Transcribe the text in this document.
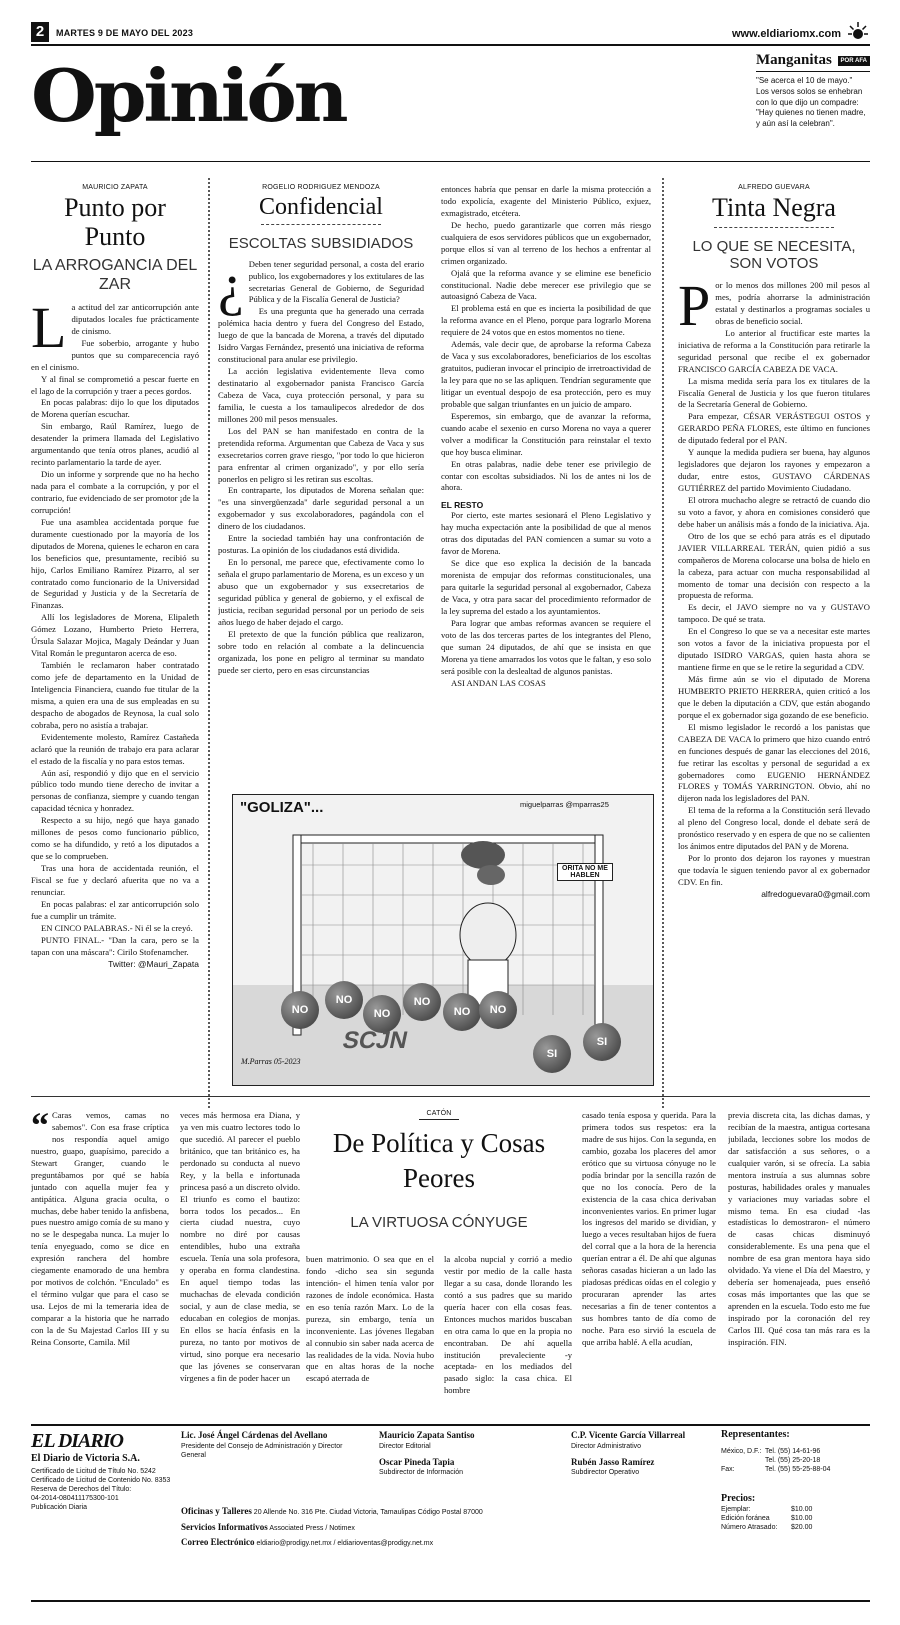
2	MARTES 9 DE MAYO DEL 2023	www.eldiariomx.com
Opinión	Manganitas	POR AFA
"Se acerca el 10 de mayo."
Los versos solos se enhebran
con lo que dijo un compadre:
"Hay quienes no tienen madre,
y aún así la celebran".
MAURICIO ZAPATA
Punto por Punto
LA ARROGANCIA DEL ZAR
L a actitud del zar anticorrupción ante diputados locales fue prácticamente de cinismo.

Fue soberbio, arrogante y hubo puntos que su comparecencia rayó en el cinismo.

Y al final se comprometió a pescar fuerte en el lago de la corrupción y traer a peces gordos.

En pocas palabras: dijo lo que los diputados de Morena querían escuchar.

Sin embargo, Raúl Ramírez, luego de desatender la primera llamada del Legislativo argumentando que tenía otros planes, acudió al recinto parlamentario la tarde de ayer.

Dio un informe y sorprende que no ha hecho nada para el combate a la corrupción, y por el contrario, fue evidenciado de ser promotor ¡de la corrupción!

Fue una asamblea accidentada porque fue duramente cuestionado por la mayoría de los diputados de Morena, quienes le echaron en cara los beneficios que, presuntamente, recibió su hijo, Carlos Emiliano Ramírez Pizarro, al ser contratado como funcionario de la Universidad de Seguridad y Justicia y de la Secretaría de Finanzas.

Allí los legisladores de Morena, Elipaleth Gómez Lozano, Humberto Prieto Herrera, Úrsula Salazar Mojica, Magaly Deándar y Juan Vital Román le preguntaron acerca de eso.

También le reclamaron haber contratado como jefe de departamento en la Unidad de Inteligencia Financiera, cuando fue titular de la misma, a quien era una de sus empleadas en su despacho de abogados de Reynosa, la cual solo cobraba, pero no asistía a trabajar.

Evidentemente molesto, Ramírez Castañeda aclaró que la reunión de trabajo era para aclarar el estado de la fiscalía y no para estos temas.

Aún así, respondió y dijo que en el servicio público todo mundo tiene derecho de invitar a personas de confianza, siempre y cuando tengan capacidad técnica y honradez.

Respecto a su hijo, negó que haya ganado millones de pesos como funcionario público, como se ha difundido, y retó a los diputados a que se lo comprueben.

Tras una hora de accidentada reunión, el Fiscal se fue y declaró afuerita que no va a renunciar.

En pocas palabras: el zar anticorrupción solo fue a cumplir un trámite.

EN CINCO PALABRAS.- Ni él se la creyó.

PUNTO FINAL.- "Dan la cara, pero se la tapan con una máscara": Cirilo Stofenamcher.

Twitter: @Mauri_Zapata
ROGELIO RODRÍGUEZ MENDOZA
Confidencial
ESCOLTAS SUBSIDIADOS
¿ Deben tener seguridad personal, a costa del erario publico, los exgobernadores y los extitulares de las secretarias General de Gobierno, de Seguridad Pública y de la Fiscalía General de Justicia?

Es una pregunta que ha generado una cerrada polémica hacia dentro y fuera del Congreso del Estado, luego de que la bancada de Morena, a través del diputado Isidro Vargas Fernández, presentó una iniciativa de reforma constitucional para anular ese privilegio.

La acción legislativa evidentemente lleva como destinatario al exgobernador panista Francisco García Cabeza de Vaca, cuya protección personal, y para su familia, le cuesta a los tamaulipecos alrededor de dos millones 200 mil pesos mensuales.

Los del PAN se han manifestado en contra de la pretendida reforma. Argumentan que Cabeza de Vaca y sus exsecretarios corren grave riesgo, "por todo lo que hicieron para enfrentar al crimen organizado", y por ello sería ponerlos en peligro si les retiran sus escoltas.

En contraparte, los diputados de Morena señalan que: "es una sinvergüenzada" darle seguridad personal a un exgobernador y sus excolaboradores, pagándola con el dinero de los ciudadanos.

Entre la sociedad también hay una confrontación de posturas. La opinión de los ciudadanos está dividida.

En lo personal, me parece que, efectivamente como lo señala el grupo parlamentario de Morena, es un exceso y un abuso que un exgobernador y sus exsecretarios de seguridad pública y general de gobierno, y el exfiscal de justicia, reciban seguridad personal por un periodo de seis años luego de haber dejado el cargo.

El pretexto de que la función pública que realizaron, sobre todo en relación al combate a la delincuencia organizada, los pone en peligro al terminar su mandato puede ser cierto, pero en esas circunstancias

entonces habría que pensar en darle la misma protección a todo expolicía, exagente del Ministerio Público, exjuez, exmagistrado, etcétera.

De hecho, puedo garantizarle que corren más riesgo cualquiera de esos servidores públicos que un exgobernador, porque ellos sí van al terreno de los hechos a enfrentar al crimen organizado.

Ojalá que la reforma avance y se elimine ese beneficio constitucional. Nadie debe merecer ese privilegio que se autoasignó Cabeza de Vaca.

El problema está en que es incierta la posibilidad de que la reforma avance en el Pleno, porque para lograrlo Morena requiere de 24 votos que en estos momentos no tiene.

Además, vale decir que, de aprobarse la reforma Cabeza de Vaca y sus excolaboradores, beneficiarios de los escoltas gratuitos, pudieran invocar el principio de irretroactividad de la ley para que no se las apliquen. Tendrían seguramente que litigar un eventual despojo de esa protección, pero es muy probable que salgan triunfantes en un juicio de amparo.

Esperemos, sin embargo, que de avanzar la reforma, cuando acabe el sexenio en curso Morena no vaya a querer volver a modificar la Constitución para reinstalar el texto que hoy busca eliminar.

En otras palabras, nadie debe tener ese privilegio de contar con escoltas subsidiados. Ni los de antes ni los de ahora.

EL RESTO

Por cierto, este martes sesionará el Pleno Legislativo y hay mucha expectación ante la posibilidad de que al menos otras dos diputadas del PAN comiencen a sumar su voto a favor de Morena.

Se dice que eso explica la decisión de la bancada morenista de empujar dos reformas constitucionales, una para quitarle la seguridad personal al exgobernador, Cabeza de Vaca, y otra para sacar del procedimiento reformador de la ley suprema del estado a los ayuntamientos.

Para lograr que ambas reformas avancen se requiere el voto de las dos terceras partes de los integrantes del Pleno, que suman 24 diputados, de ahí que se insista en que Morena ya tiene amarrados los votos que le faltan, y eso solo será posible con la deslealtad de algunos panistas.

ASI ANDAN LAS COSAS

ORITA NO ME HABLEN
NO
NO
NO
NO
NO	NO
SI
SI
SCJN
M.Parras 05-2023
"GOLIZA"...	miguelparras @mparras25
ALFREDO GUEVARA
Tinta Negra
LO QUE SE NECESITA, SON VOTOS
P or lo menos dos millones 200 mil pesos al mes, podría ahorrarse la administración estatal y destinarlos a programas sociales u obras de beneficio social.

Lo anterior al fructificar este martes la iniciativa de reforma a la Constitución para retirarle la seguridad personal que recibe el ex gobernador FRANCISCO GARCÍA CABEZA DE VACA.

La misma medida sería para los ex titulares de la Fiscalía General de Justicia y los que fueron titulares de la Secretaría General de Gobierno.

Para empezar, CÉSAR VERÁSTEGUI OSTOS y GERARDO PEÑA FLORES, este último en funciones de diputado federal por el PAN.

Y aunque la medida pudiera ser buena, hay algunos legisladores que dejaron los rayones y empezaron a dudar, entre estos, GUSTAVO CÁRDENAS GUTIÉRREZ del partido Movimiento Ciudadano.

El otrora muchacho alegre se retractó de cuando dio su voto a favor, y ahora en comisiones consideró que debe haber un análisis más a fondo de la iniciativa. Aja.

Otro de los que se echó para atrás es el diputado JAVIER VILLARREAL TERÁN, quien pidió a sus compañeros de Morena colocarse una bolsa de hielo en la cabeza, para actuar con mucha responsabilidad al momento de tomar una decisión con respecto a la propuesta de reforma.

Es decir, el JAVO siempre no va y GUSTAVO tampoco. De qué se trata.

En el Congreso lo que se va a necesitar este martes son votos a favor de la iniciativa propuesta por el diputado ISIDRO VARGAS, quien hasta ahora se mantiene firme en que se le retire la seguridad a CDV.

Más firme aún se vio el diputado de Morena HUMBERTO PRIETO HERRERA, quien criticó a los que le deben la diputación a CDV, que están abogando porque el ex gobernador siga gozando de ese beneficio.

El mismo legislador le recordó a los panistas que CABEZA DE VACA lo primero que hizo cuando entró en funciones después de ganar las elecciones del 2016, fue retirar las escoltas y personal de seguridad a ex gobernadores como EUGENIO HERNÁNDEZ FLORES y TOMÁS YARRINGTON. Obvio, ahí no dijeron nada los legisladores del PAN.

El tema de la reforma a la Constitución será llevado al pleno del Congreso local, donde el debate será de pronóstico reservado y en espera de que no se calienten los ánimos entre diputados del PAN y de Morena.

Por lo pronto dos dejaron los rayones y muestran que todavía le siguen teniendo pavor al ex gobernador CDV. En fin.

alfredoguevara0@gmail.com
“ Caras vemos, camas no sabemos". Con esa frase críptica nos respondía aquel amigo nuestro, guapo, guapísimo, parecido a Stewart Granger, cuando le preguntábamos por qué se había juntado con aquella mujer fea y antipática. Alguna gracia oculta, o muchas, debe haber tenido la anfisbena, pues nuestro amigo comía de su mano y no se le despegaba nunca. La mujer lo tenía enyeguado, como se dice en expresión ranchera del hombre ciegamente enamorado de una hembra por motivos de colchón. "Enculado" es el término vulgar que para el caso se usa. Lejos de mi la temeraria idea de comparar a la historia que he narrado con la de Su Majestad Carlos III y su Reina Consorte, Camila. Mil
veces más hermosa era Diana, y ya ven mis cuatro lectores todo lo que sucedió. Al parecer el pueblo británico, que tan británico es, ha perdonado su conducta al nuevo Rey, y la bella e infortunada princesa pasó a un discreto olvido. El triunfo es como el bautizo: borra todos los pecados... En cierta ciudad nuestra, cuyo nombre no diré por causas entendibles, hubo una extraña escuela. Tenía una sola profesora, y operaba en forma clandestina. En aquel tiempo todas las muchachas de elevada condición social, y aun de clase media, se educaban en colegios de monjas. En ellos se hacía énfasis en la pureza, no tanto por motivos de virtud, sino porque era necesario que las jóvenes se conservaran vírgenes a fin de poder hacer un
CATÓN
De Política y Cosas Peores
LA VIRTUOSA CÓNYUGE
buen matrimonio. O sea que en el fondo -dicho sea sin segunda intención- el himen tenía valor por razones de índole económica. Hasta en eso tenía razón Marx. Lo de la pureza, sin embargo, tenía un inconveniente. Las jóvenes llegaban al connubio sin saber nada acerca de las realidades de la vida. Novia hubo que en altas horas de la noche escapó aterrada de
la alcoba nupcial y corrió a medio vestir por medio de la calle hasta llegar a su casa, donde llorando les contó a sus padres que su marido quería hacer con ella cosas feas. Entonces muchos maridos buscaban en otra cama lo que en la propia no encontraban. De ahí aquella institución prevaleciente -y aceptada- en los mediados del pasado siglo: la casa chica. El hombre
casado tenía esposa y querida. Para la primera todos sus respetos: era la madre de sus hijos. Con la segunda, en cambio, gozaba los placeres del amor erótico que su virtuosa cónyuge no le podía brindar por la sencilla razón de que no los conocía. Pero de la existencia de la casa chica derivaban inconvenientes varios. En primer lugar los ingresos del marido se dividían, y luego a veces resultaban hijos de fuera del corral que a la hora de la herencia querían entrar a él. De ahí que algunas señoras casadas hicieran a un lado las piadosas prédicas oídas en el colegio y procuraran aprender las artes necesarias a fin de tener contentos a sus hombres tanto de día como de noche. Para eso sirvió la escuela de que arriba hablé. A ella acudían,
previa discreta cita, las dichas damas, y recibían de la maestra, antigua cortesana jubilada, lecciones sobre los modos de dar satisfacción a sus señores, o a cualquier varón, si se ofrecía. La sabia mentora instruía a sus alumnas sobre posturas, habilidades orales y manuales y variaciones muy variadas sobre el mismo tema. En esa ciudad -las estadísticas lo demostraron- el número de casas chicas disminuyó considerablemente. Es una pena que el nombre de esa gran mentora haya sido olvidado. Ya viene el Día del Maestro, y debería ser homenajeada, pues enseñó cosas más importantes que las que se aprenden en la escuela. Todo esto me fue inspirado por la coronación del rey Carlos III. Qué cosa tan más rara es la inspiración. FIN.
EL DIARIO
El Diario de Victoria S.A.
Certificado de Licitud de Título No. 5242
Certificado de Licitud de Contenido No. 8353
Reserva de Derechos del Título:
04-2014-080411175300-101
Publicación Diaria
Lic. José Ángel Cárdenas del Avellano
Presidente del Consejo de Administración y Director General
Mauricio Zapata Santiso
Director Editorial
Oscar Pineda Tapia
Subdirector de Información
C.P. Vicente García Villarreal
Director Administrativo
Rubén Jasso Ramírez
Subdirector Operativo
Oficinas y Talleres 20 Allende No. 316 Pte. Ciudad Victoria, Tamaulipas Código Postal 87000
Servicios Informativos Associated Press / Notimex
Correo Electrónico eldiario@prodigy.net.mx / eldiarioventas@prodigy.net.mx
Representantes:
México, D.F.: Tel. (55) 14-61-96
Tel. (55) 25-20-18
Fax:	Tel. (55) 55-25-88-04
Precios:
Ejemplar:	$10.00
Edición foránea	$10.00
Número Atrasado:	$20.00
